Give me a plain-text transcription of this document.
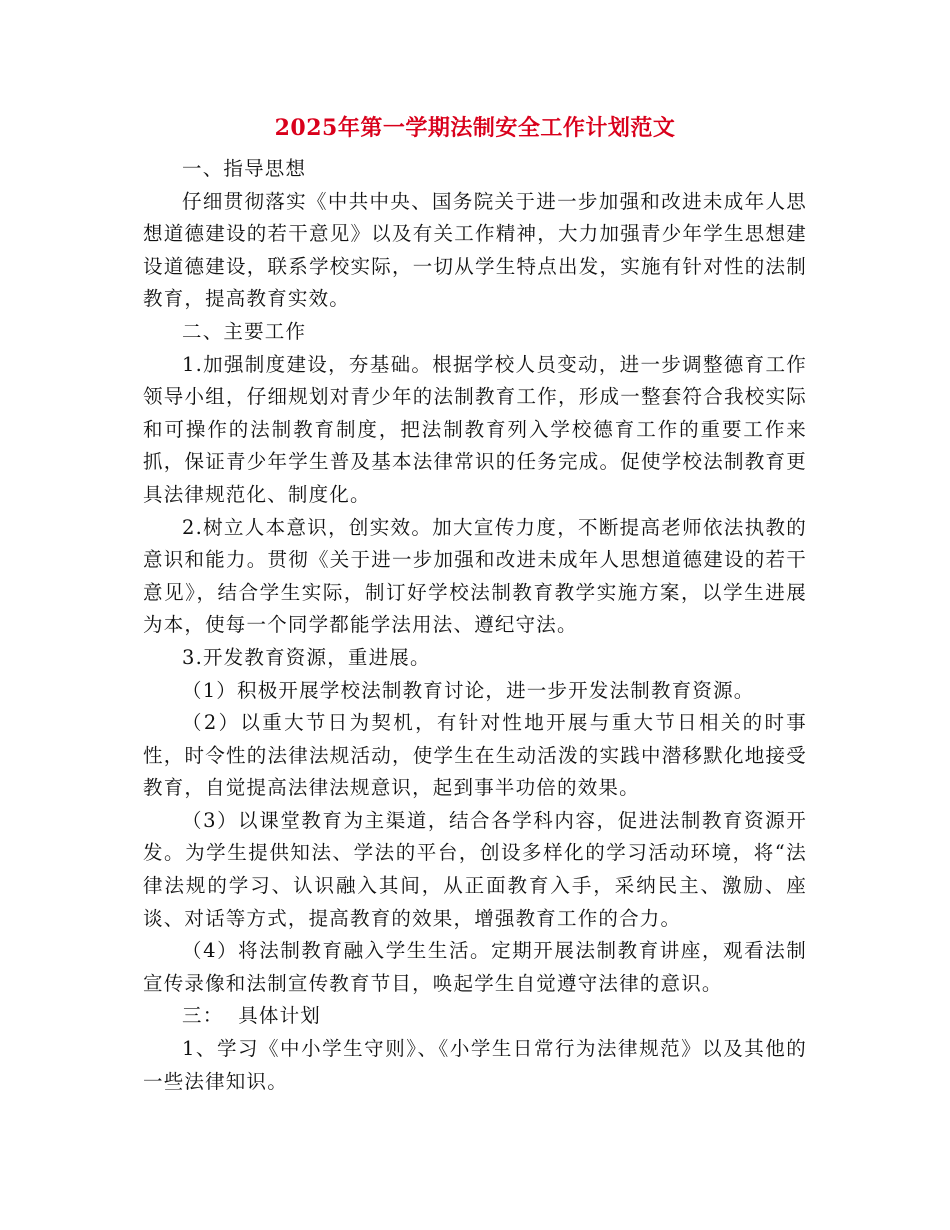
2025年第一学期法制安全工作计划范文

一、指导思想

仔细贯彻落实《中共中央、国务院关于进一步加强和改进未成年人思想道德建设的若干意见》以及有关工作精神，大力加强青少年学生思想建设道德建设，联系学校实际，一切从学生特点出发，实施有针对性的法制教育，提高教育实效。

二、主要工作

1.加强制度建设，夯基础。根据学校人员变动，进一步调整德育工作领导小组，仔细规划对青少年的法制教育工作，形成一整套符合我校实际和可操作的法制教育制度，把法制教育列入学校德育工作的重要工作来抓，保证青少年学生普及基本法律常识的任务完成。促使学校法制教育更具法律规范化、制度化。

2.树立人本意识，创实效。加大宣传力度，不断提高老师依法执教的意识和能力。贯彻《关于进一步加强和改进未成年人思想道德建设的若干意见》，结合学生实际，制订好学校法制教育教学实施方案，以学生进展为本，使每一个同学都能学法用法、遵纪守法。

3.开发教育资源，重进展。

（1）积极开展学校法制教育讨论，进一步开发法制教育资源。

（2）以重大节日为契机，有针对性地开展与重大节日相关的时事性，时令性的法律法规活动，使学生在生动活泼的实践中潜移默化地接受教育，自觉提高法律法规意识，起到事半功倍的效果。

（3）以课堂教育为主渠道，结合各学科内容，促进法制教育资源开发。为学生提供知法、学法的平台，创设多样化的学习活动环境，将“法律法规的学习、认识融入其间，从正面教育入手，采纳民主、激励、座谈、对话等方式，提高教育的效果，增强教育工作的合力。

（4）将法制教育融入学生生活。定期开展法制教育讲座，观看法制宣传录像和法制宣传教育节目，唤起学生自觉遵守法律的意识。

三：  具体计划

1、学习《中小学生守则》、《小学生日常行为法律规范》以及其他的一些法律知识。
